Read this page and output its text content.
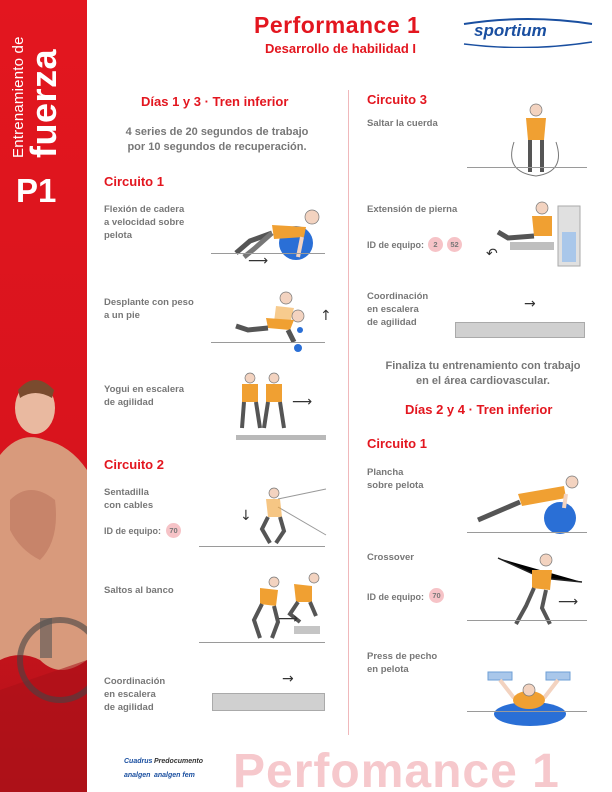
Entrenamiento de
fuerza
P1
Performance 1
Desarrollo de habilidad I
sportium
Días 1 y 3 · Tren inferior
4 series de 20 segundos de trabajo
por 10 segundos de recuperación.
Circuito 1
Flexión de cadera
a velocidad sobre
pelota
⟶
Desplante con peso
a un pie	↑
Yogui en escalera
de agilidad	⟶
Circuito 2
Sentadilla
con cables
ID de equipo:	70
↓
Saltos al banco
⟶
Coordinación
en escalera
de agilidad
→
Circuito 3
Saltar la cuerda
Extensión de pierna
ID de equipo:	2	52
↶
Coordinación
en escalera
de agilidad
→
Finaliza tu entrenamiento con trabajo
en el área cardiovascular.
Días 2 y 4 · Tren inferior
Circuito 1
Plancha
sobre pelota
Crossover
ID de equipo:	70	⟶
Press de pecho
en pelota
Cuadrus Predocumento
analgen analgen fem Perfomance 1
